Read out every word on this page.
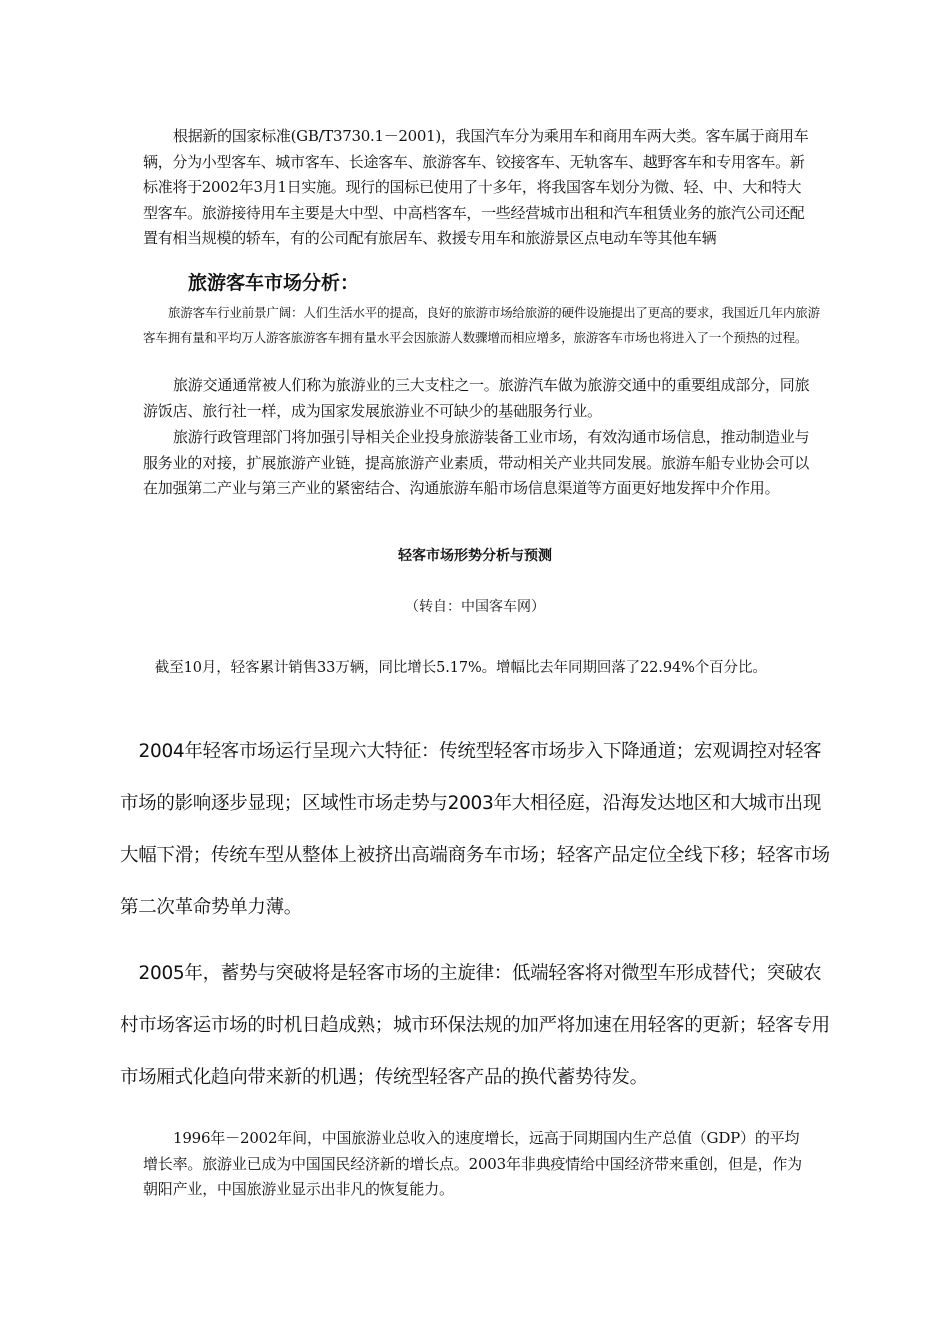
根据新的国家标准(GB/T3730.1－2001)，我国汽车分为乘用车和商用车两大类。客车属于商用车辆，分为小型客车、城市客车、长途客车、旅游客车、铰接客车、无轨客车、越野客车和专用客车。新标准将于2002年3月1日实施。现行的国标已使用了十多年，将我国客车划分为微、轻、中、大和特大型客车。旅游接待用车主要是大中型、中高档客车，一些经营城市出租和汽车租赁业务的旅汽公司还配置有相当规模的轿车，有的公司配有旅居车、救援专用车和旅游景区点电动车等其他车辆

旅游客车市场分析：

旅游客车行业前景广阔：人们生活水平的提高，良好的旅游市场给旅游的硬件设施提出了更高的要求，我国近几年内旅游客车拥有量和平均万人游客旅游客车拥有量水平会因旅游人数骤增而相应增多，旅游客车市场也将进入了一个预热的过程。

旅游交通通常被人们称为旅游业的三大支柱之一。旅游汽车做为旅游交通中的重要组成部分，同旅游饭店、旅行社一样，成为国家发展旅游业不可缺少的基础服务行业。

旅游行政管理部门将加强引导相关企业投身旅游装备工业市场，有效沟通市场信息，推动制造业与服务业的对接，扩展旅游产业链，提高旅游产业素质，带动相关产业共同发展。旅游车船专业协会可以在加强第二产业与第三产业的紧密结合、沟通旅游车船市场信息渠道等方面更好地发挥中介作用。

轻客市场形势分析与预测

（转自：中国客车网）

截至10月，轻客累计销售33万辆，同比增长5.17%。增幅比去年同期回落了22.94%个百分比。

2004年轻客市场运行呈现六大特征：传统型轻客市场步入下降通道；宏观调控对轻客市场的影响逐步显现；区域性市场走势与2003年大相径庭，沿海发达地区和大城市出现大幅下滑；传统车型从整体上被挤出高端商务车市场；轻客产品定位全线下移；轻客市场第二次革命势单力薄。

2005年，蓄势与突破将是轻客市场的主旋律：低端轻客将对微型车形成替代；突破农村市场客运市场的时机日趋成熟；城市环保法规的加严将加速在用轻客的更新；轻客专用市场厢式化趋向带来新的机遇；传统型轻客产品的换代蓄势待发。

1996年－2002年间，中国旅游业总收入的速度增长，远高于同期国内生产总值（GDP）的平均增长率。旅游业已成为中国国民经济新的增长点。2003年非典疫情给中国经济带来重创，但是，作为朝阳产业，中国旅游业显示出非凡的恢复能力。
